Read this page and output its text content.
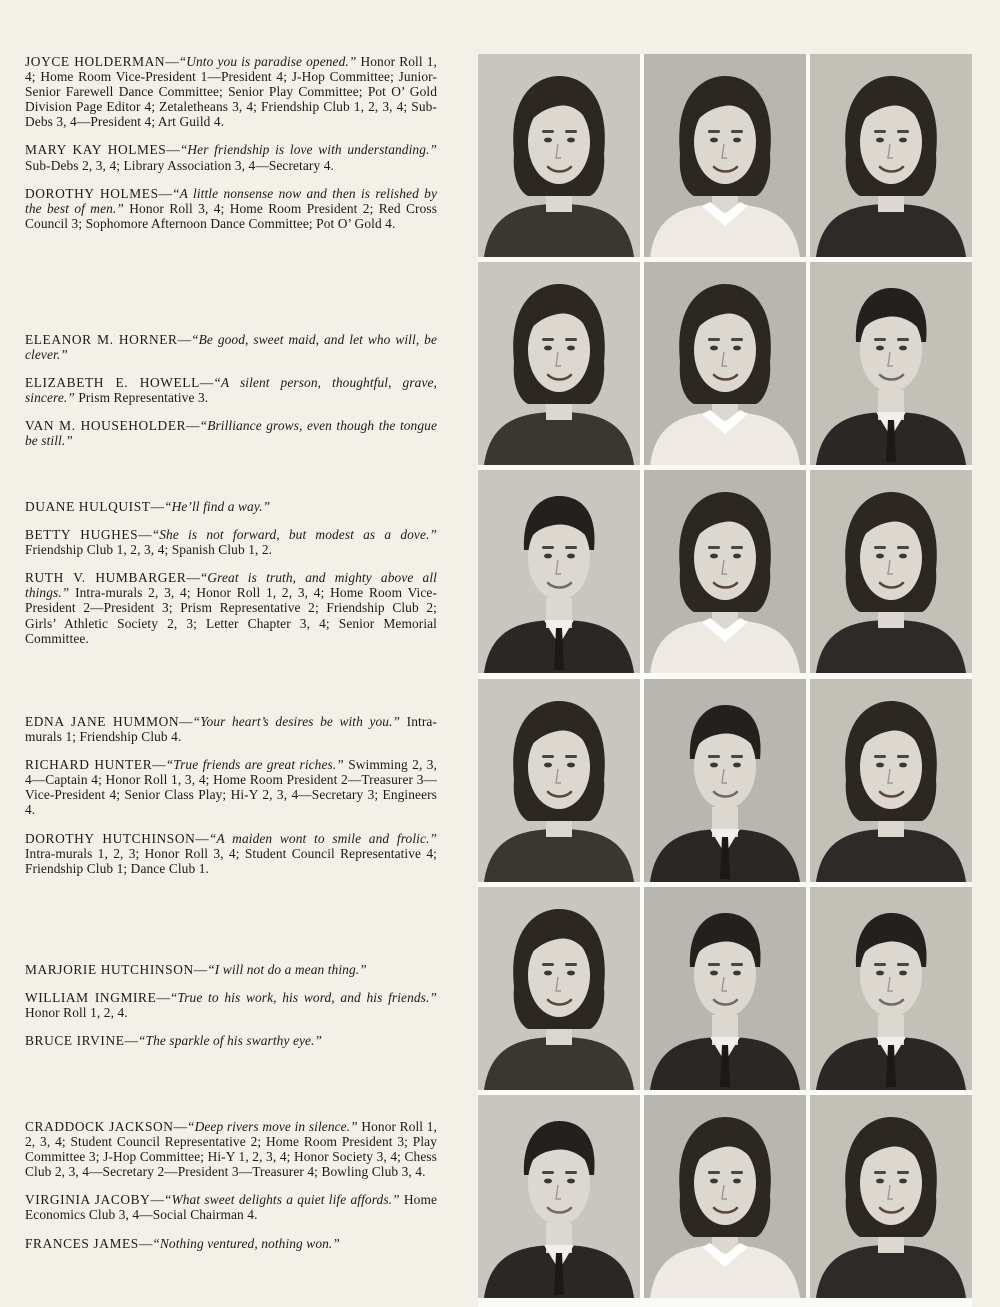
JOYCE HOLDERMAN—“Unto you is paradise opened.” Honor Roll 1, 4; Home Room Vice-President 1—President 4; J-Hop Committee; Junior-Senior Farewell Dance Committee; Senior Play Committee; Pot O’ Gold Division Page Editor 4; Zetaletheans 3, 4; Friendship Club 1, 2, 3, 4; Sub-Debs 3, 4—President 4; Art Guild 4.

MARY KAY HOLMES—“Her friendship is love with understanding.” Sub-Debs 2, 3, 4; Library Association 3, 4—Secretary 4.

DOROTHY HOLMES—“A little nonsense now and then is relished by the best of men.” Honor Roll 3, 4; Home Room President 2; Red Cross Council 3; Sophomore Afternoon Dance Committee; Pot O’ Gold 4.

ELEANOR M. HORNER—“Be good, sweet maid, and let who will, be clever.”

ELIZABETH E. HOWELL—“A silent person, thoughtful, grave, sincere.” Prism Representative 3.

VAN M. HOUSEHOLDER—“Brilliance grows, even though the tongue be still.”

DUANE HULQUIST—“He’ll find a way.”

BETTY HUGHES—“She is not forward, but modest as a dove.” Friendship Club 1, 2, 3, 4; Spanish Club 1, 2.

RUTH V. HUMBARGER—“Great is truth, and mighty above all things.” Intra-murals 2, 3, 4; Honor Roll 1, 2, 3, 4; Home Room Vice-President 2—President 3; Prism Representative 2; Friendship Club 2; Girls’ Athletic Society 2, 3; Letter Chapter 3, 4; Senior Memorial Committee.

EDNA JANE HUMMON—“Your heart’s desires be with you.” Intra-murals 1; Friendship Club 4.

RICHARD HUNTER—“True friends are great riches.” Swimming 2, 3, 4—Captain 4; Honor Roll 1, 3, 4; Home Room President 2—Treasurer 3—Vice-President 4; Senior Class Play; Hi-Y 2, 3, 4—Secretary 3; Engineers 4.

DOROTHY HUTCHINSON—“A maiden wont to smile and frolic.” Intra-murals 1, 2, 3; Honor Roll 3, 4; Student Council Representative 4; Friendship Club 1; Dance Club 1.

MARJORIE HUTCHINSON—“I will not do a mean thing.”

WILLIAM INGMIRE—“True to his work, his word, and his friends.” Honor Roll 1, 2, 4.

BRUCE IRVINE—“The sparkle of his swarthy eye.”

CRADDOCK JACKSON—“Deep rivers move in silence.” Honor Roll 1, 2, 3, 4; Student Council Representative 2; Home Room President 3; Play Committee 3; J-Hop Committee; Hi-Y 1, 2, 3, 4; Honor Society 3, 4; Chess Club 2, 3, 4—Secretary 2—President 3—Treasurer 4; Bowling Club 3, 4.

VIRGINIA JACOBY—“What sweet delights a quiet life affords.” Home Economics Club 3, 4—Social Chairman 4.

FRANCES JAMES—“Nothing ventured, nothing won.”
